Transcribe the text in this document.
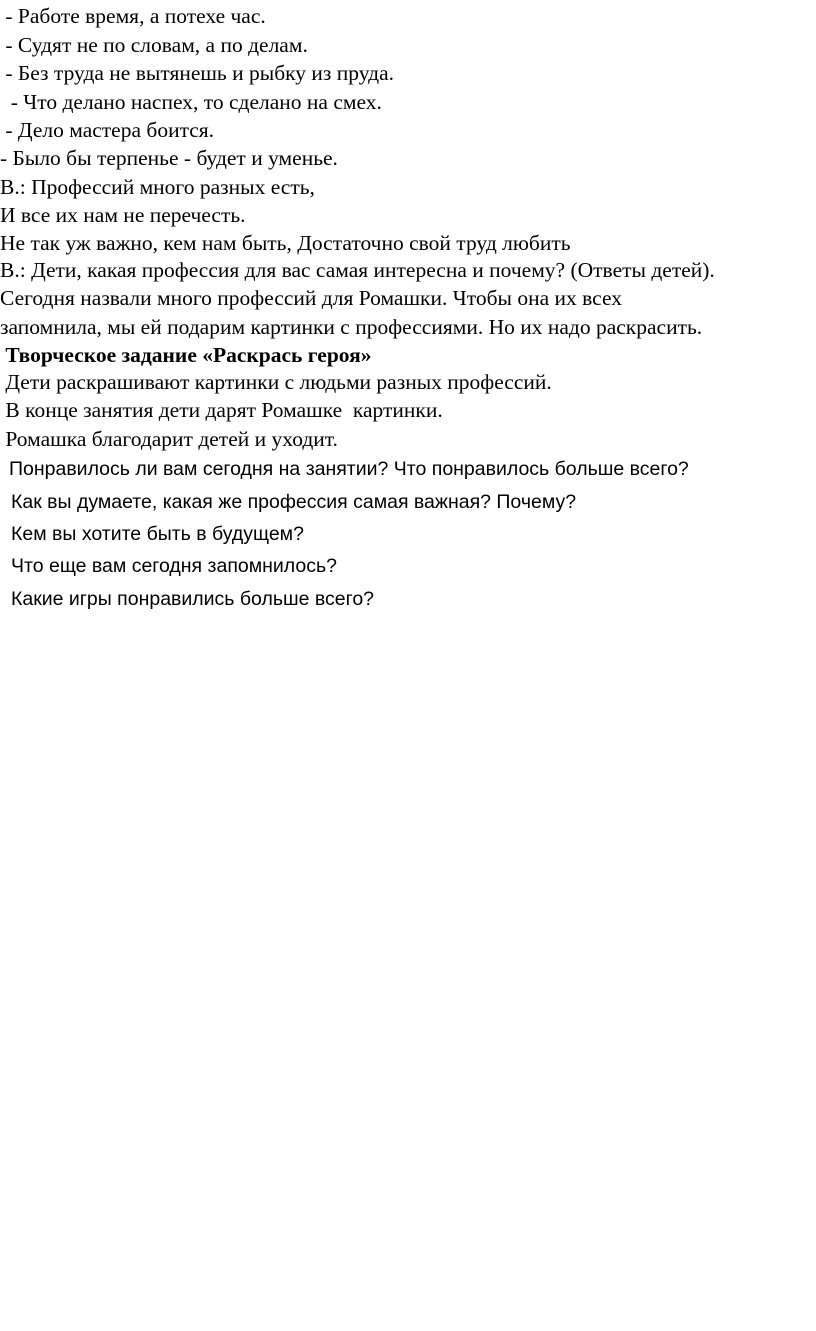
- Работе время, а потехе час.
- Судят не по словам, а по делам.
- Без труда не вытянешь и рыбку из пруда.
- Что делано наспех, то сделано на смех.
- Дело мастера боится.
- Было бы терпенье - будет и уменье.
В.: Профессий много разных есть,
И все их нам не перечесть.
Не так уж важно, кем нам быть, Достаточно свой труд любить
В.: Дети, какая профессия для вас самая интересна и почему? (Ответы детей).
Сегодня назвали много профессий для Ромашки. Чтобы она их всех
запомнила, мы ей подарим картинки с профессиями. Но их надо раскрасить.
Творческое задание «Раскрась героя»
Дети раскрашивают картинки с людьми разных профессий.
В конце занятия дети дарят Ромашке  картинки.
Ромашка благодарит детей и уходит.
Понравилось ли вам сегодня на занятии? Что понравилось больше всего?
Как вы думаете, какая же профессия самая важная? Почему?
Кем вы хотите быть в будущем?
Что еще вам сегодня запомнилось?
Какие игры понравились больше всего?
